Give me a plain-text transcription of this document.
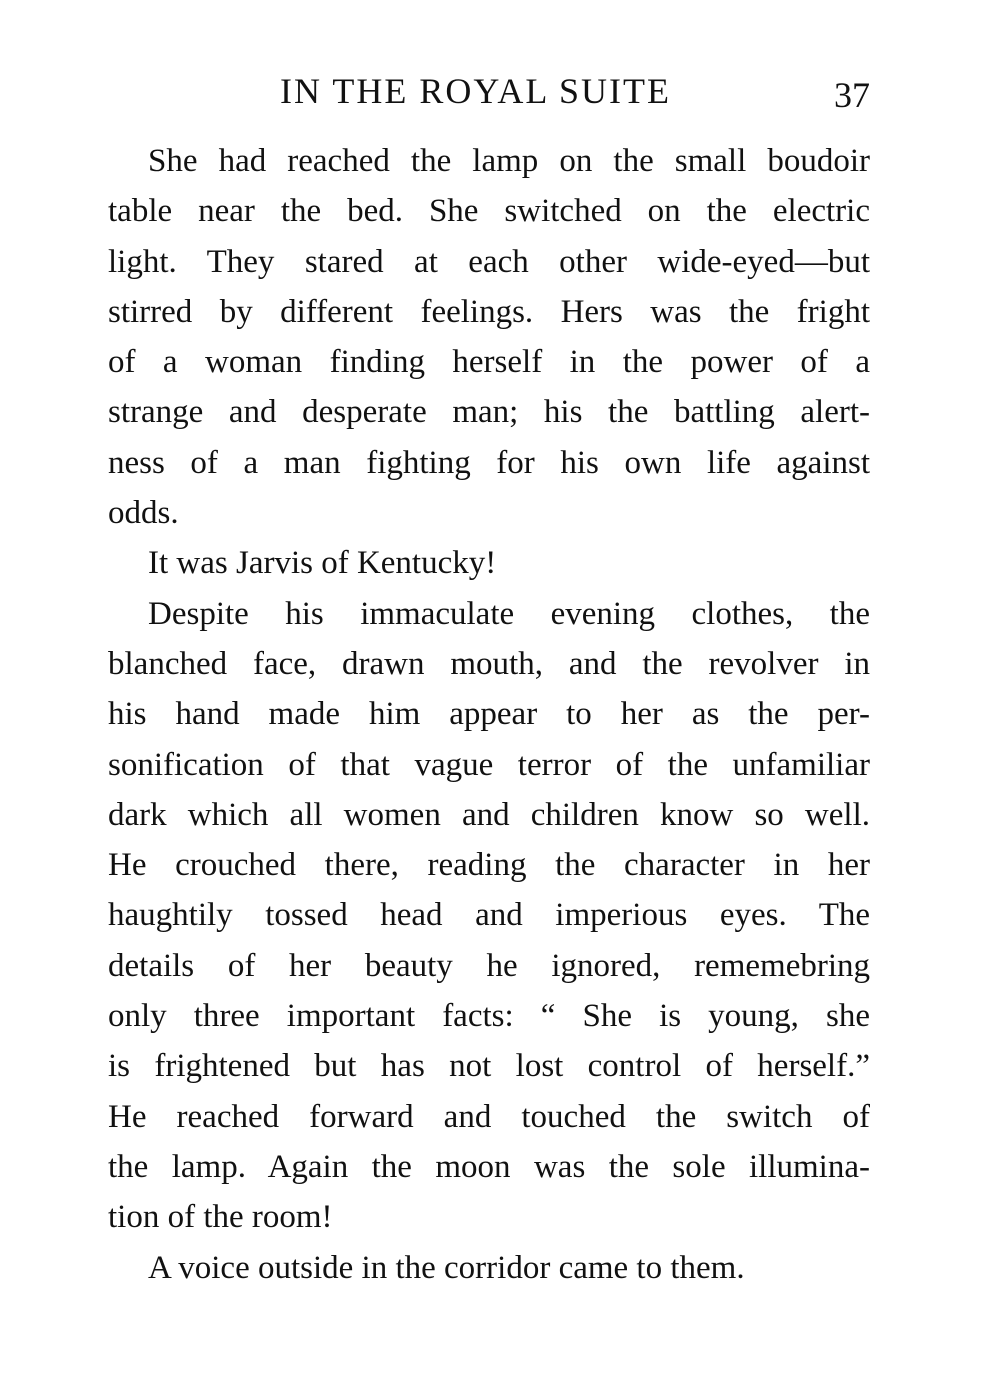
IN THE ROYAL SUITE	37
She had reached the lamp on the small boudoir
table near the bed. She switched on the electric
light. They stared at each other wide-eyed—but
stirred by different feelings. Hers was the fright
of a woman finding herself in the power of a
strange and desperate man; his the battling alert-
ness of a man fighting for his own life against
odds.
It was Jarvis of Kentucky!
Despite his immaculate evening clothes, the
blanched face, drawn mouth, and the revolver in
his hand made him appear to her as the per-
sonification of that vague terror of the unfamiliar
dark which all women and children know so well.
He crouched there, reading the character in her
haughtily tossed head and imperious eyes. The
details of her beauty he ignored, rememebring
only three important facts: “ She is young, she
is frightened but has not lost control of herself.”
He reached forward and touched the switch of
the lamp. Again the moon was the sole illumina-
tion of the room!
A voice outside in the corridor came to them.
